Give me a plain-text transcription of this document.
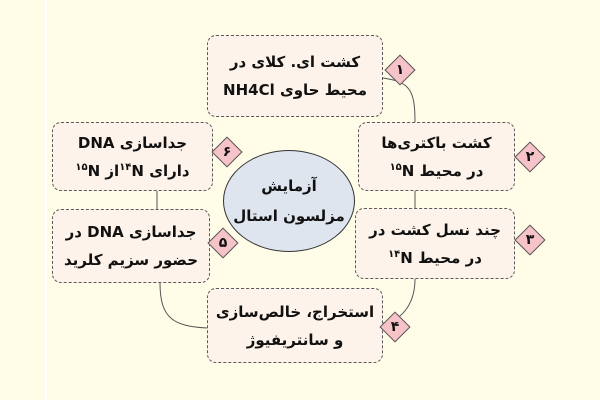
کشت ای. کلای در
محیط حاوی NH4Cl
کشت باکتری‌ها
در محیط $^{۱۵}$N
چند نسل کشت در
در محیط $^{۱۴}$N
استخراج، خالص‌سازی
و سانتریفیوژ
جداسازی DNA در
حضور سزیم کلرید
جداسازی DNA
دارای $^{۱۴}$Nاز $^{۱۵}$N
آزمایش
مزلسون استال
۱
۲
۳
۴
۵
۶
